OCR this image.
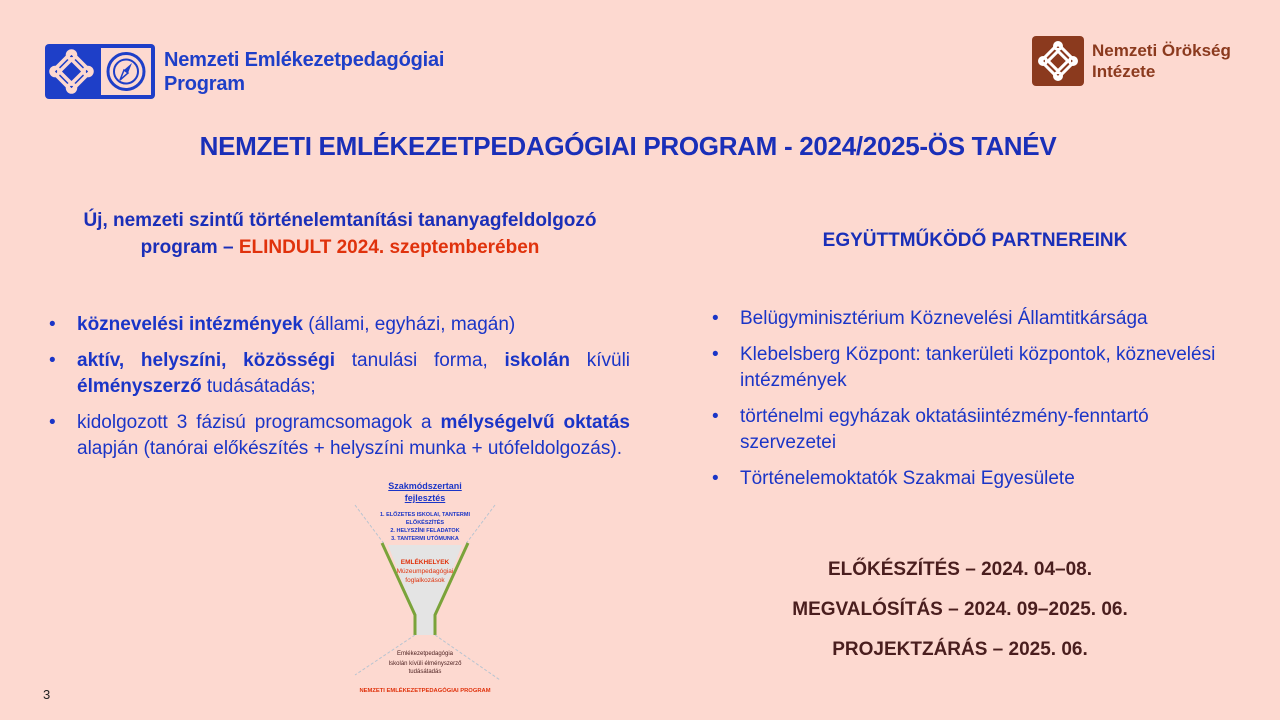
Nemzeti Emlékezetpedagógiai
Program
Nemzeti Örökség
Intézete
NEMZETI EMLÉKEZETPEDAGÓGIAI PROGRAM - 2024/2025-ÖS TANÉV
Új, nemzeti szintű történelemtanítási tananyagfeldolgozó
program – ELINDULT 2024. szeptemberében
• köznevelési intézmények (állami, egyházi, magán)
• aktív, helyszíni, közösségi tanulási forma, iskolán kívüli élményszerző tudásátadás;
• kidolgozott 3 fázisú programcsomagok a mélységelvű oktatás alapján (tanórai előkészítés + helyszíni munka + utófeldolgozás).
Szakmódszertani
fejlesztés
1. ELŐZETES ISKOLAI, TANTERMI
ELŐKÉSZÍTÉS
2. HELYSZÍNI FELADATOK
3. TANTERMI UTÓMUNKA
EMLÉKHELYEK
Múzeumpedagógiai
foglalkozások
Emlékezetpedagógia
Iskolán kívüli élményszerző
tudásátadás
NEMZETI EMLÉKEZETPEDAGÓGIAI PROGRAM
EGYÜTTMŰKÖDŐ PARTNEREINK
• Belügyminisztérium Köznevelési Államtitkársága
• Klebelsberg Központ: tankerületi központok, köznevelési intézmények
• történelmi egyházak oktatásiintézmény-fenntartó szervezetei
• Történelemoktatók Szakmai Egyesülete
ELŐKÉSZÍTÉS – 2024. 04–08.
MEGVALÓSÍTÁS – 2024. 09–2025. 06.
PROJEKTZÁRÁS – 2025. 06.
3
